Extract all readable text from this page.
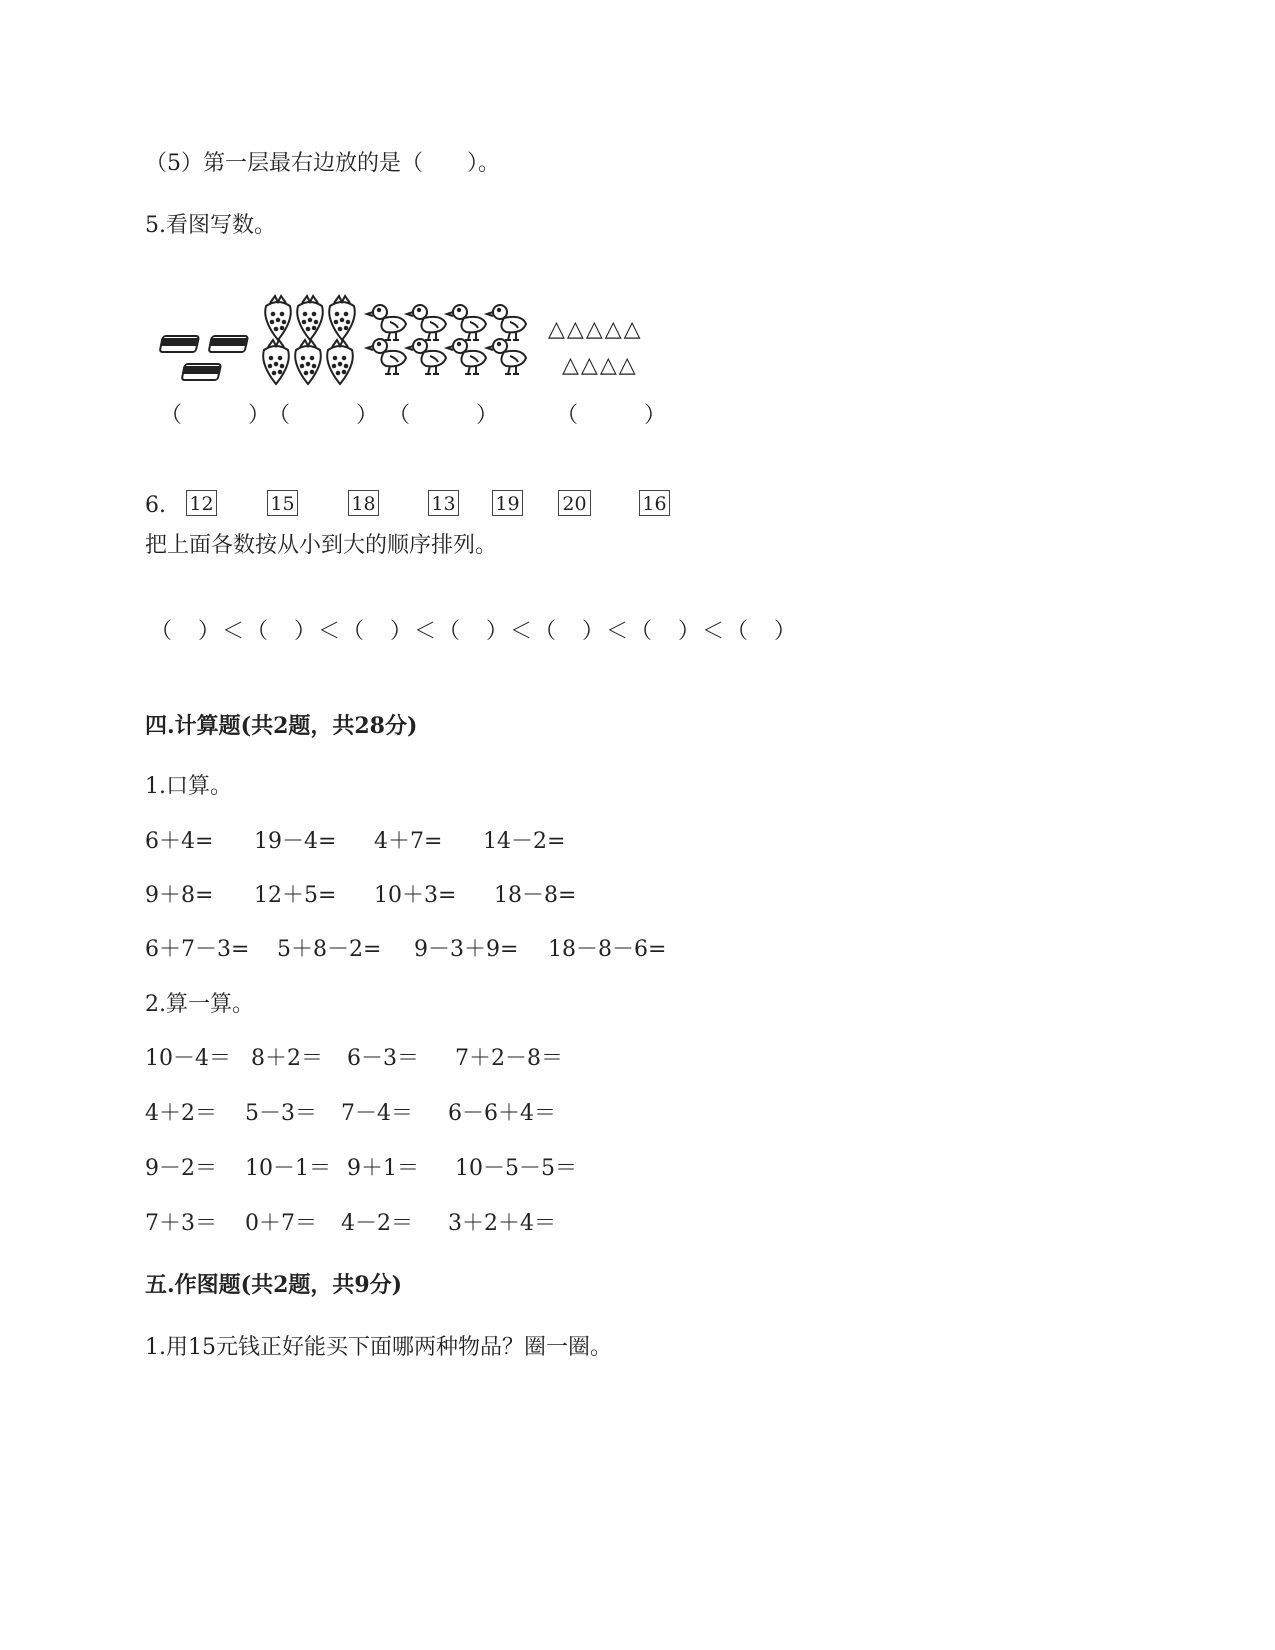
（5）第一层最右边放的是（　　）。
5.看图写数。
△△△△△
△△△△
（　　　）
（　　　） （　　　）	（　　　）
6. 12	15	18	13 19 20	16
把上面各数按从小到大的顺序排列。
（　）＜（　）＜（　）＜（　）＜（　）＜（　）＜（　）
四.计算题(共2题，共28分)
1.口算。
6＋4= 19－4= 4＋7= 14－2=
9＋8= 12＋5= 10＋3= 18－8=
6＋7－3= 5＋8－2= 9－3＋9= 18－8－6=
2.算一算。
10－4＝ 8＋2＝ 6－3＝ 7＋2－8＝
4＋2＝ 5－3＝ 7－4＝ 6－6＋4＝
9－2＝ 10－1＝ 9＋1＝ 10－5－5＝
7＋3＝ 0＋7＝ 4－2＝ 3＋2＋4＝
五.作图题(共2题，共9分)
1.用15元钱正好能买下面哪两种物品？圈一圈。
